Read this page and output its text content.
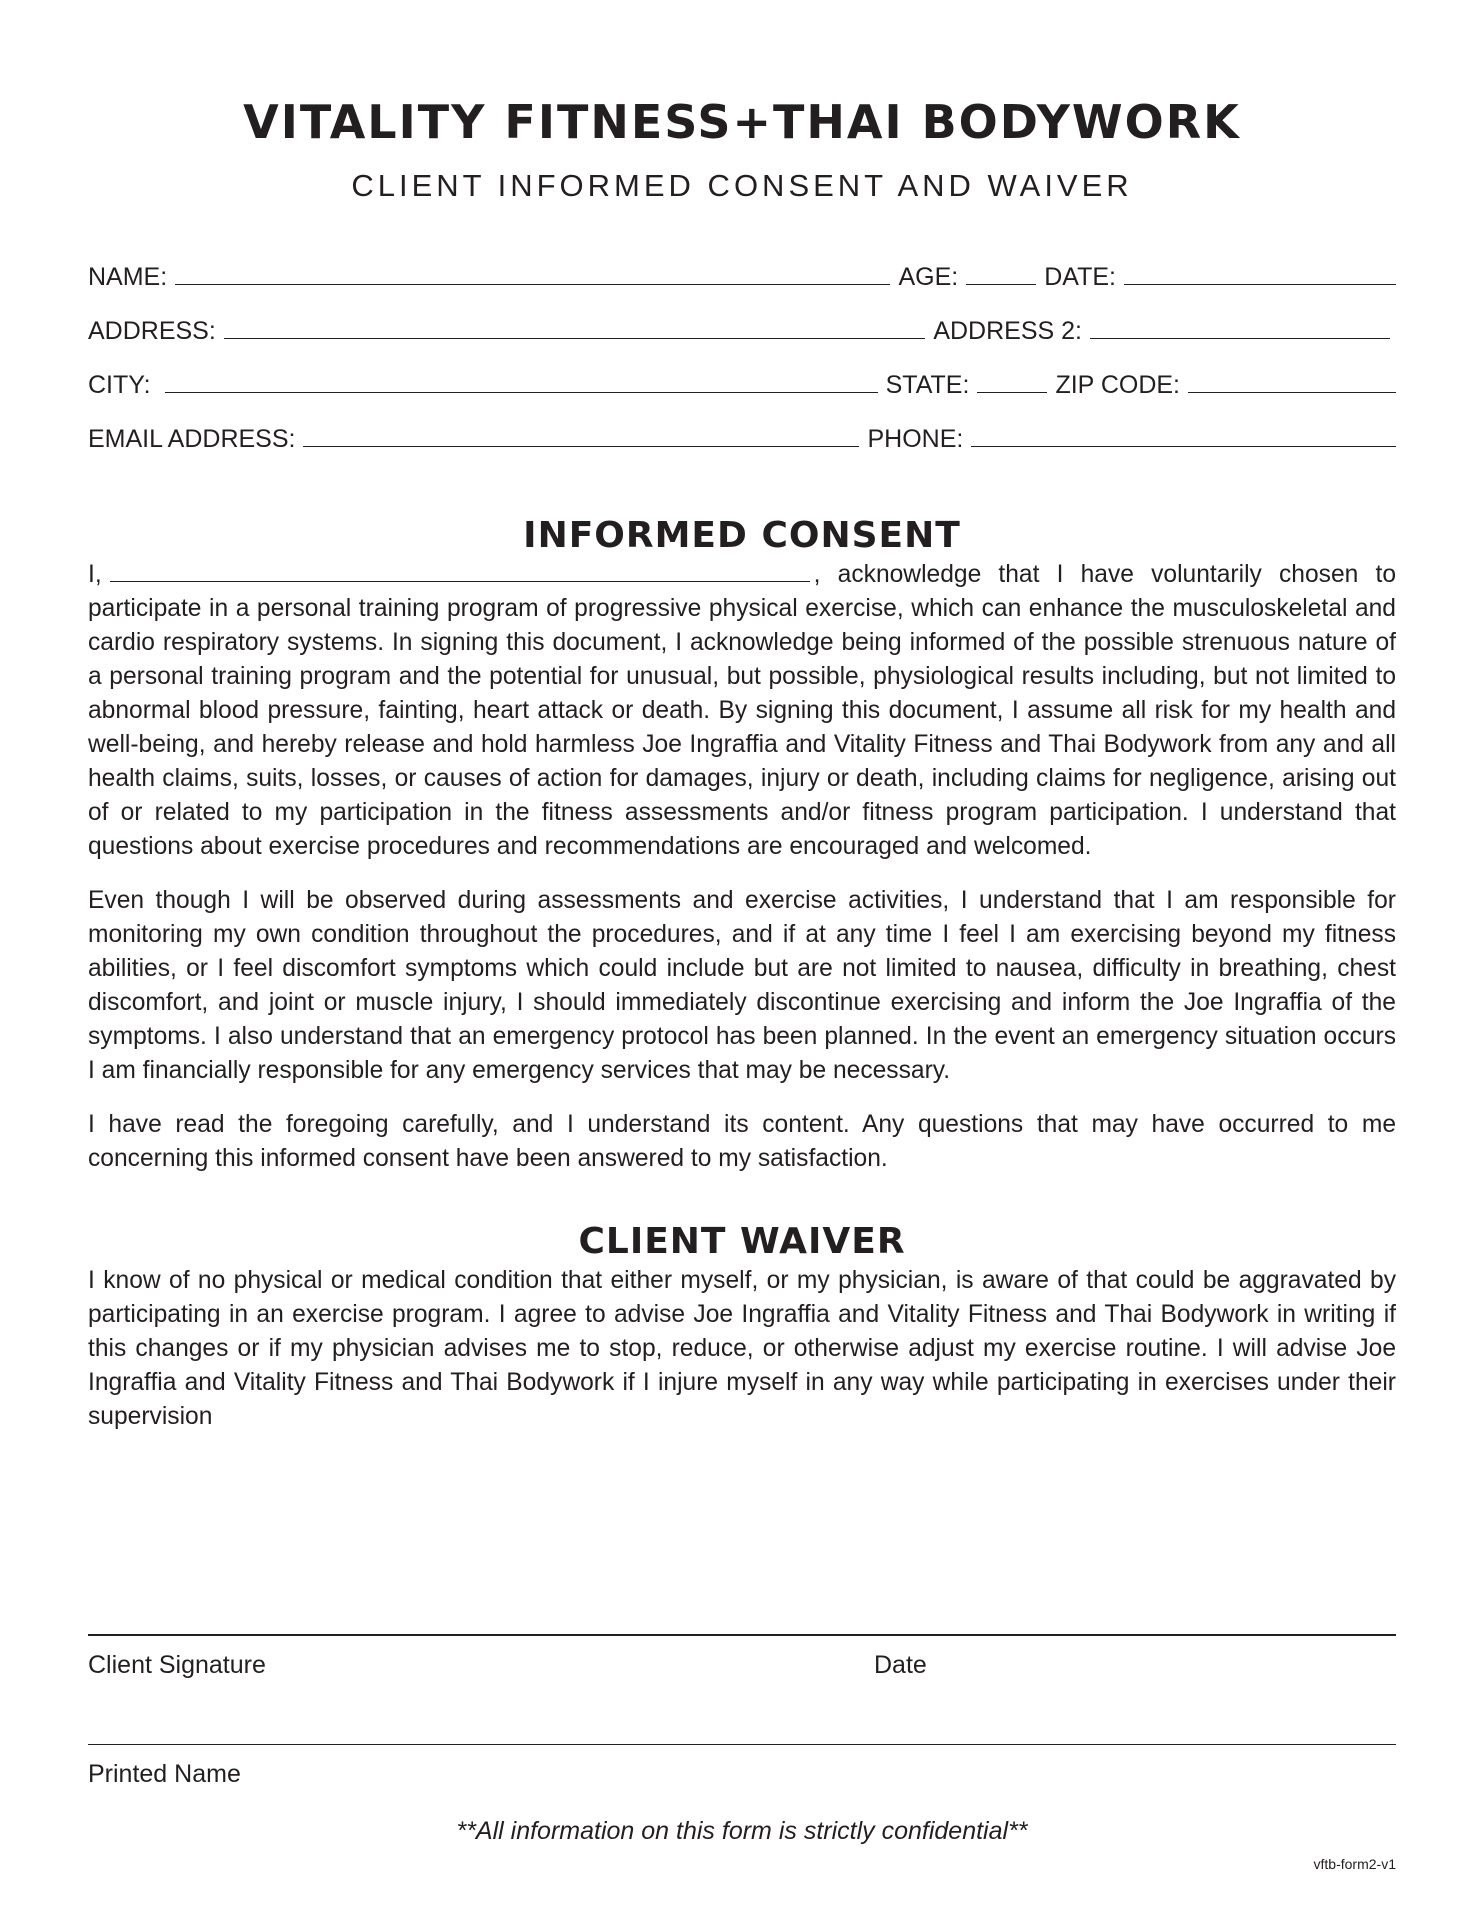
VITALITY FITNESS+THAI BODYWORK
CLIENT INFORMED CONSENT AND WAIVER
NAME:	AGE:	DATE:
ADDRESS:	ADDRESS 2:
CITY:	STATE:	ZIP CODE:
EMAIL ADDRESS:	PHONE:
INFORMED CONSENT

I,	, acknowledge that I have voluntarily chosen to participate in a personal training program of progressive physical exercise, which can enhance the musculoskeletal and cardio respiratory systems. In signing this document, I acknowledge being informed of the possible strenuous nature of a personal training program and the potential for unusual, but possible, physiological results including, but not limited to abnormal blood pressure, fainting, heart attack or death. By signing this document, I assume all risk for my health and well-being, and hereby release and hold harmless Joe Ingraffia and Vitality Fitness and Thai Bodywork from any and all health claims, suits, losses, or causes of action for damages, injury or death, including claims for negligence, arising out of or related to my participation in the fitness assessments and/or fitness program participation. I understand that questions about exercise procedures and recommendations are encouraged and welcomed.

Even though I will be observed during assessments and exercise activities, I understand that I am responsible for monitoring my own condition throughout the procedures, and if at any time I feel I am exercising beyond my fitness abilities, or I feel discomfort symptoms which could include but are not limited to nausea, difficulty in breathing, chest discomfort, and joint or muscle injury, I should immediately discontinue exercising and inform the Joe Ingraffia of the symptoms. I also understand that an emergency protocol has been planned. In the event an emergency situation occurs I am financially responsible for any emergency services that may be necessary.

I have read the foregoing carefully, and I understand its content. Any questions that may have occurred to me concerning this informed consent have been answered to my satisfaction.

CLIENT WAIVER

I know of no physical or medical condition that either myself, or my physician, is aware of that could be aggravated by participating in an exercise program. I agree to advise Joe Ingraffia and Vitality Fitness and Thai Bodywork in writing if this changes or if my physician advises me to stop, reduce, or otherwise adjust my exercise routine. I will advise Joe Ingraffia and Vitality Fitness and Thai Bodywork if I injure myself in any way while participating in exercises under their supervision

Client Signature	Date
Printed Name
**All information on this form is strictly confidential**
vftb-form2-v1
